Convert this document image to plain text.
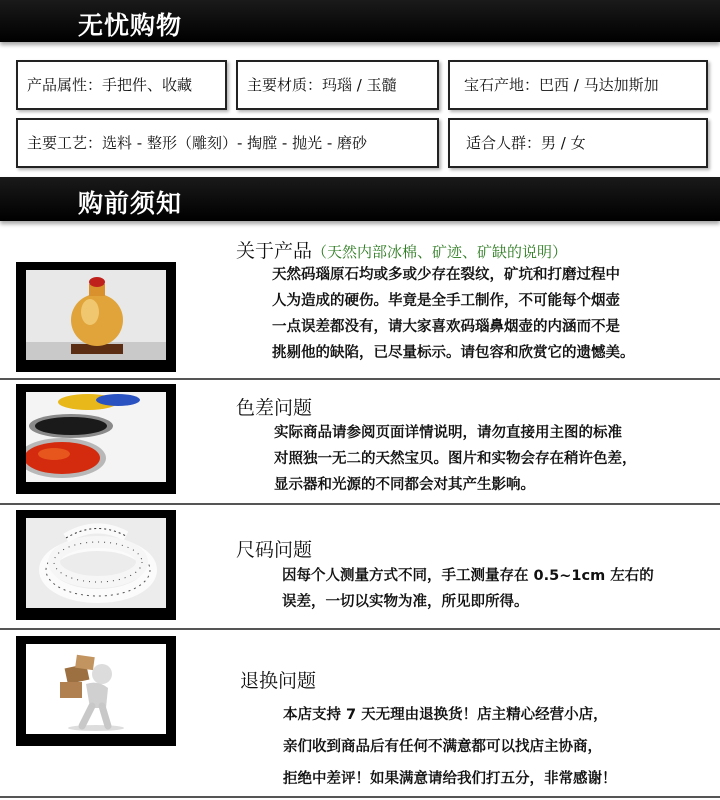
无忧购物
产品属性：手把件、收藏	主要材质：玛瑙 / 玉髓	宝石产地：巴西 / 马达加斯加
主要工艺：选料 - 整形（雕刻）- 掏膛 - 抛光 - 磨砂	适合人群：男 / 女
购前须知
关于产品（天然内部冰棉、矿迹、矿缺的说明）
天然码瑙原石均或多或少存在裂纹，矿坑和打磨过程中
人为造成的硬伤。毕竟是全手工制作，不可能每个烟壶
一点误差都没有，请大家喜欢码瑙鼻烟壶的内涵而不是
挑剔他的缺陷，已尽量标示。请包容和欣赏它的遗憾美。
色差问题
实际商品请参阅页面详情说明，请勿直接用主图的标准
对照独一无二的天然宝贝。图片和实物会存在稍许色差，
显示器和光源的不同都会对其产生影响。
尺码问题
因每个人测量方式不同，手工测量存在 0.5~1cm 左右的
误差，一切以实物为准，所见即所得。
退换问题
本店支持 7 天无理由退换货！店主精心经营小店，
亲们收到商品后有任何不满意都可以找店主协商，
拒绝中差评！如果满意请给我们打五分，非常感谢！
